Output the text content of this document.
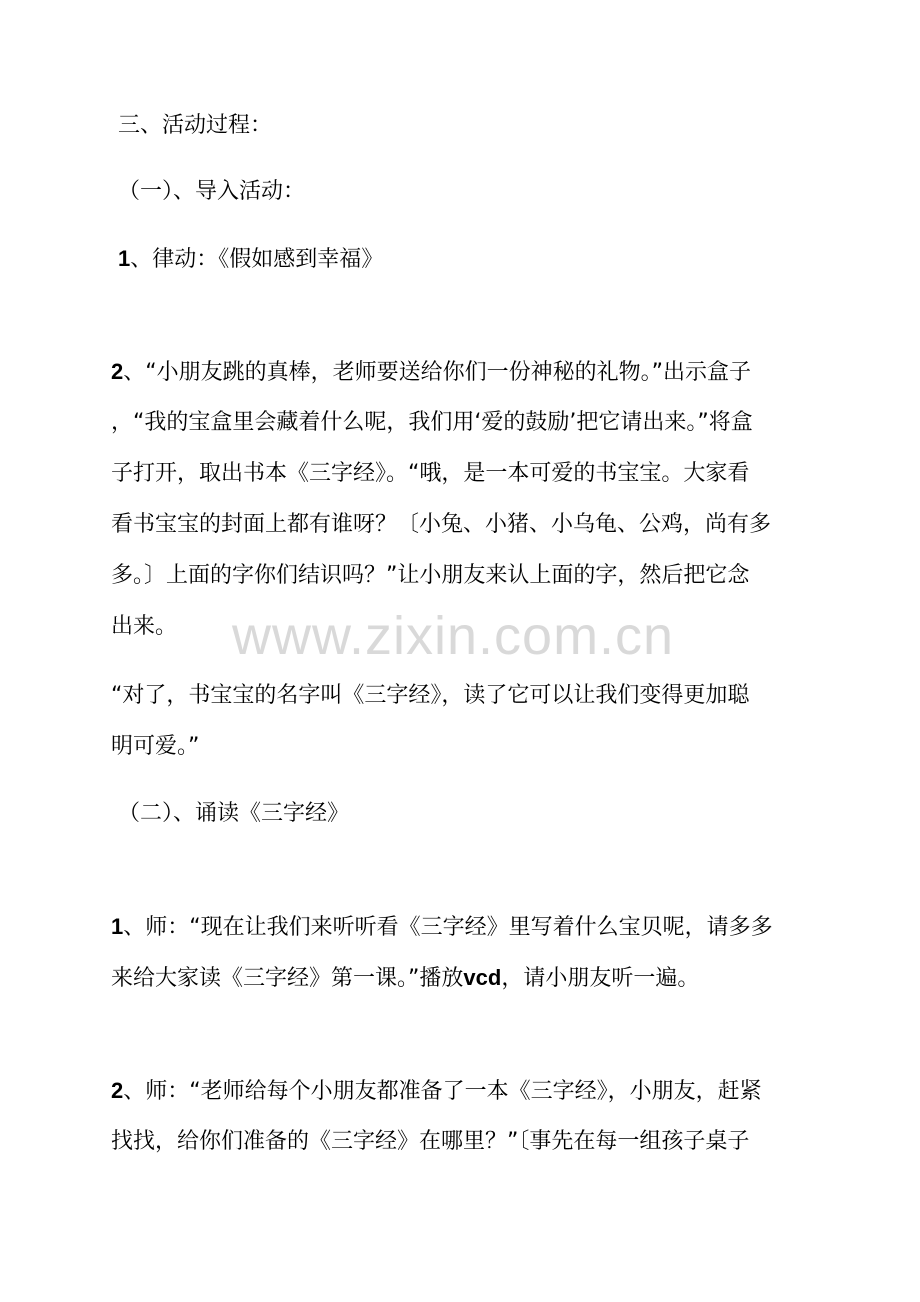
www.zixin.com.cn
三、活动过程：
（一）、导入活动：
1、律动：《假如感到幸福》
2、“小朋友跳的真棒，老师要送给你们一份神秘的礼物。”出示盒子
，“我的宝盒里会藏着什么呢，我们用‘爱的鼓励’把它请出来。”将盒
子打开，取出书本《三字经》。“哦，是一本可爱的书宝宝。大家看
看书宝宝的封面上都有谁呀？〔小兔、小猪、小乌龟、公鸡，尚有多
多。〕上面的字你们结识吗？”让小朋友来认上面的字，然后把它念
出来。
“对了，书宝宝的名字叫《三字经》，读了它可以让我们变得更加聪
明可爱。”
（二）、诵读《三字经》
1、师：“现在让我们来听听看《三字经》里写着什么宝贝呢，请多多
来给大家读《三字经》第一课。”播放vcd，请小朋友听一遍。
2、师：“老师给每个小朋友都准备了一本《三字经》，小朋友，赶紧
找找，给你们准备的《三字经》在哪里？”〔事先在每一组孩子桌子
